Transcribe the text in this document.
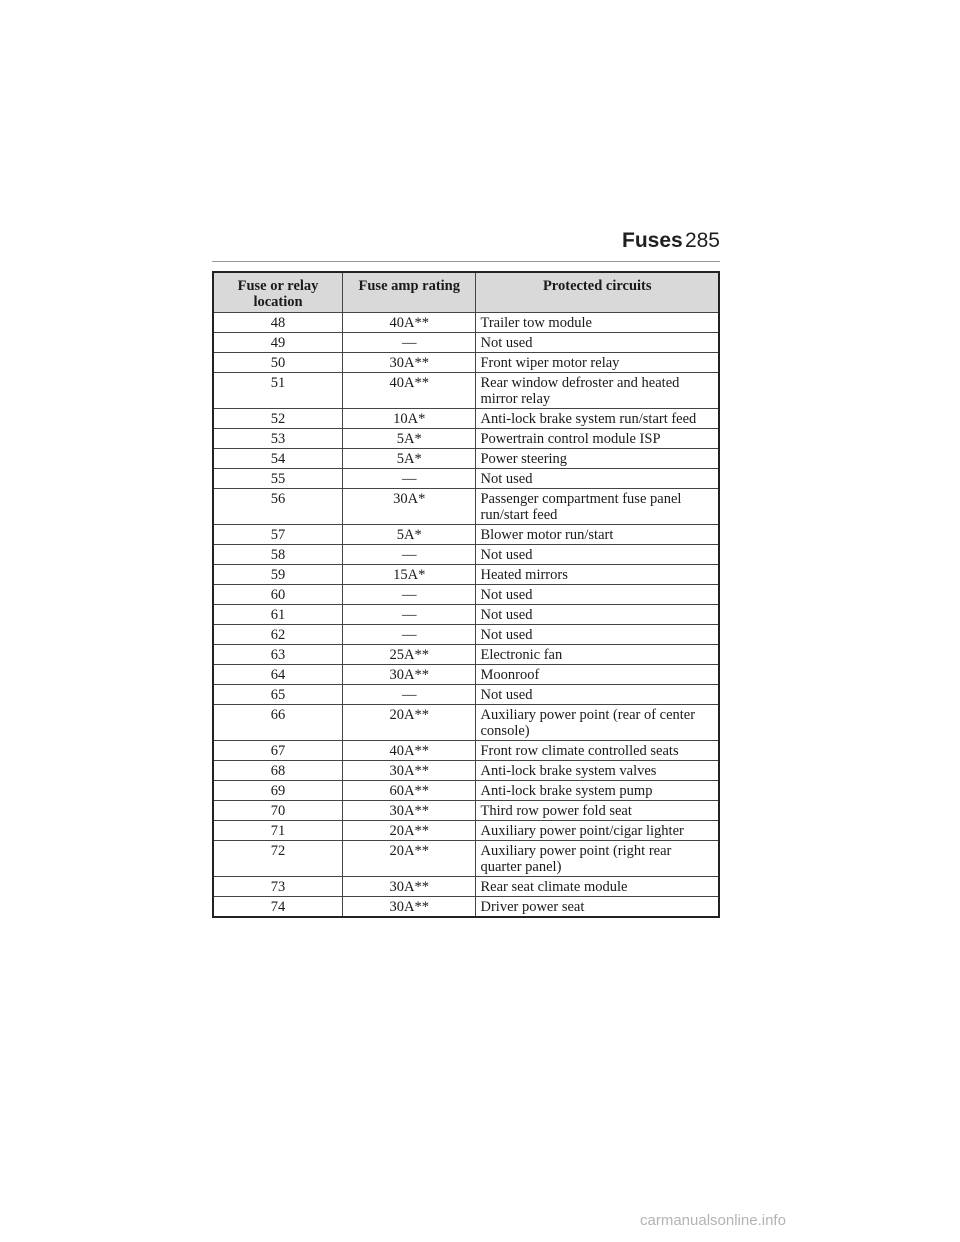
Fuses 285
Fuse or relay location	Fuse amp rating	Protected circuits
48	40A**	Trailer tow module
49	—	Not used
50	30A**	Front wiper motor relay
51	40A**	Rear window defroster and heated mirror relay
52	10A*	Anti-lock brake system run/start feed
53	5A*	Powertrain control module ISP
54	5A*	Power steering
55	—	Not used
56	30A*	Passenger compartment fuse panel run/start feed
57	5A*	Blower motor run/start
58	—	Not used
59	15A*	Heated mirrors
60	—	Not used
61	—	Not used
62	—	Not used
63	25A**	Electronic fan
64	30A**	Moonroof
65	—	Not used
66	20A**	Auxiliary power point (rear of center console)
67	40A**	Front row climate controlled seats
68	30A**	Anti-lock brake system valves
69	60A**	Anti-lock brake system pump
70	30A**	Third row power fold seat
71	20A**	Auxiliary power point/cigar lighter
72	20A**	Auxiliary power point (right rear quarter panel)
73	30A**	Rear seat climate module
74	30A**	Driver power seat
carmanualsonline.info
